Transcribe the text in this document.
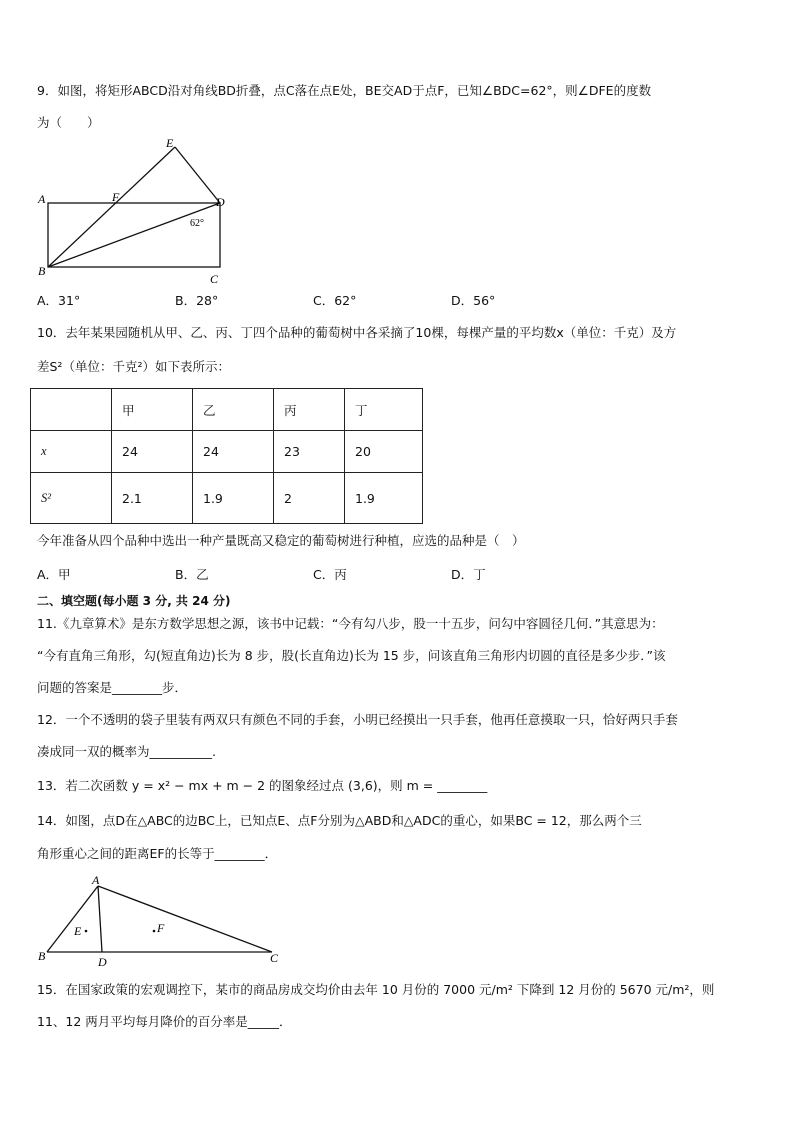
9．如图，将矩形ABCD沿对角线BD折叠，点C落在点E处，BE交AD于点F，已知∠BDC=62°，则∠DFE的度数
为（　　）
E
A	F	D
62°
B
C
A．31°	B．28°	C．62°	D．56°
10．去年某果园随机从甲、乙、丙、丁四个品种的葡萄树中各采摘了10棵，每棵产量的平均数x（单位：千克）及方
差S²（单位：千克²）如下表所示：
	甲	乙	丙	丁
x	24	24	23	20
S²	2.1	1.9	2	1.9
今年准备从四个品种中选出一种产量既高又稳定的葡萄树进行种植，应选的品种是（　）
A．甲	B．乙	C．丙	D．丁
二、填空题(每小题 3 分, 共 24 分)
11.《九章算术》是东方数学思想之源，该书中记载：“今有勾八步，股一十五步，问勾中容圆径几何．”其意思为：
“今有直角三角形，勾(短直角边)长为 8 步，股(长直角边)长为 15 步，问该直角三角形内切圆的直径是多少步．”该
问题的答案是________步．
12．一个不透明的袋子里装有两双只有颜色不同的手套，小明已经摸出一只手套，他再任意摸取一只，恰好两只手套
凑成同一双的概率为__________.
13．若二次函数 y = x² − mx + m − 2 的图象经过点 (3,6)，则 m = ________
14．如图，点D在△ABC的边BC上，已知点E、点F分别为△ABD和△ADC的重心，如果BC = 12，那么两个三
角形重心之间的距离EF的长等于________．
A
E	F
B	D	C
15．在国家政策的宏观调控下，某市的商品房成交均价由去年 10 月份的 7000 元/m² 下降到 12 月份的 5670 元/m²，则
11、12 两月平均每月降价的百分率是_____．
